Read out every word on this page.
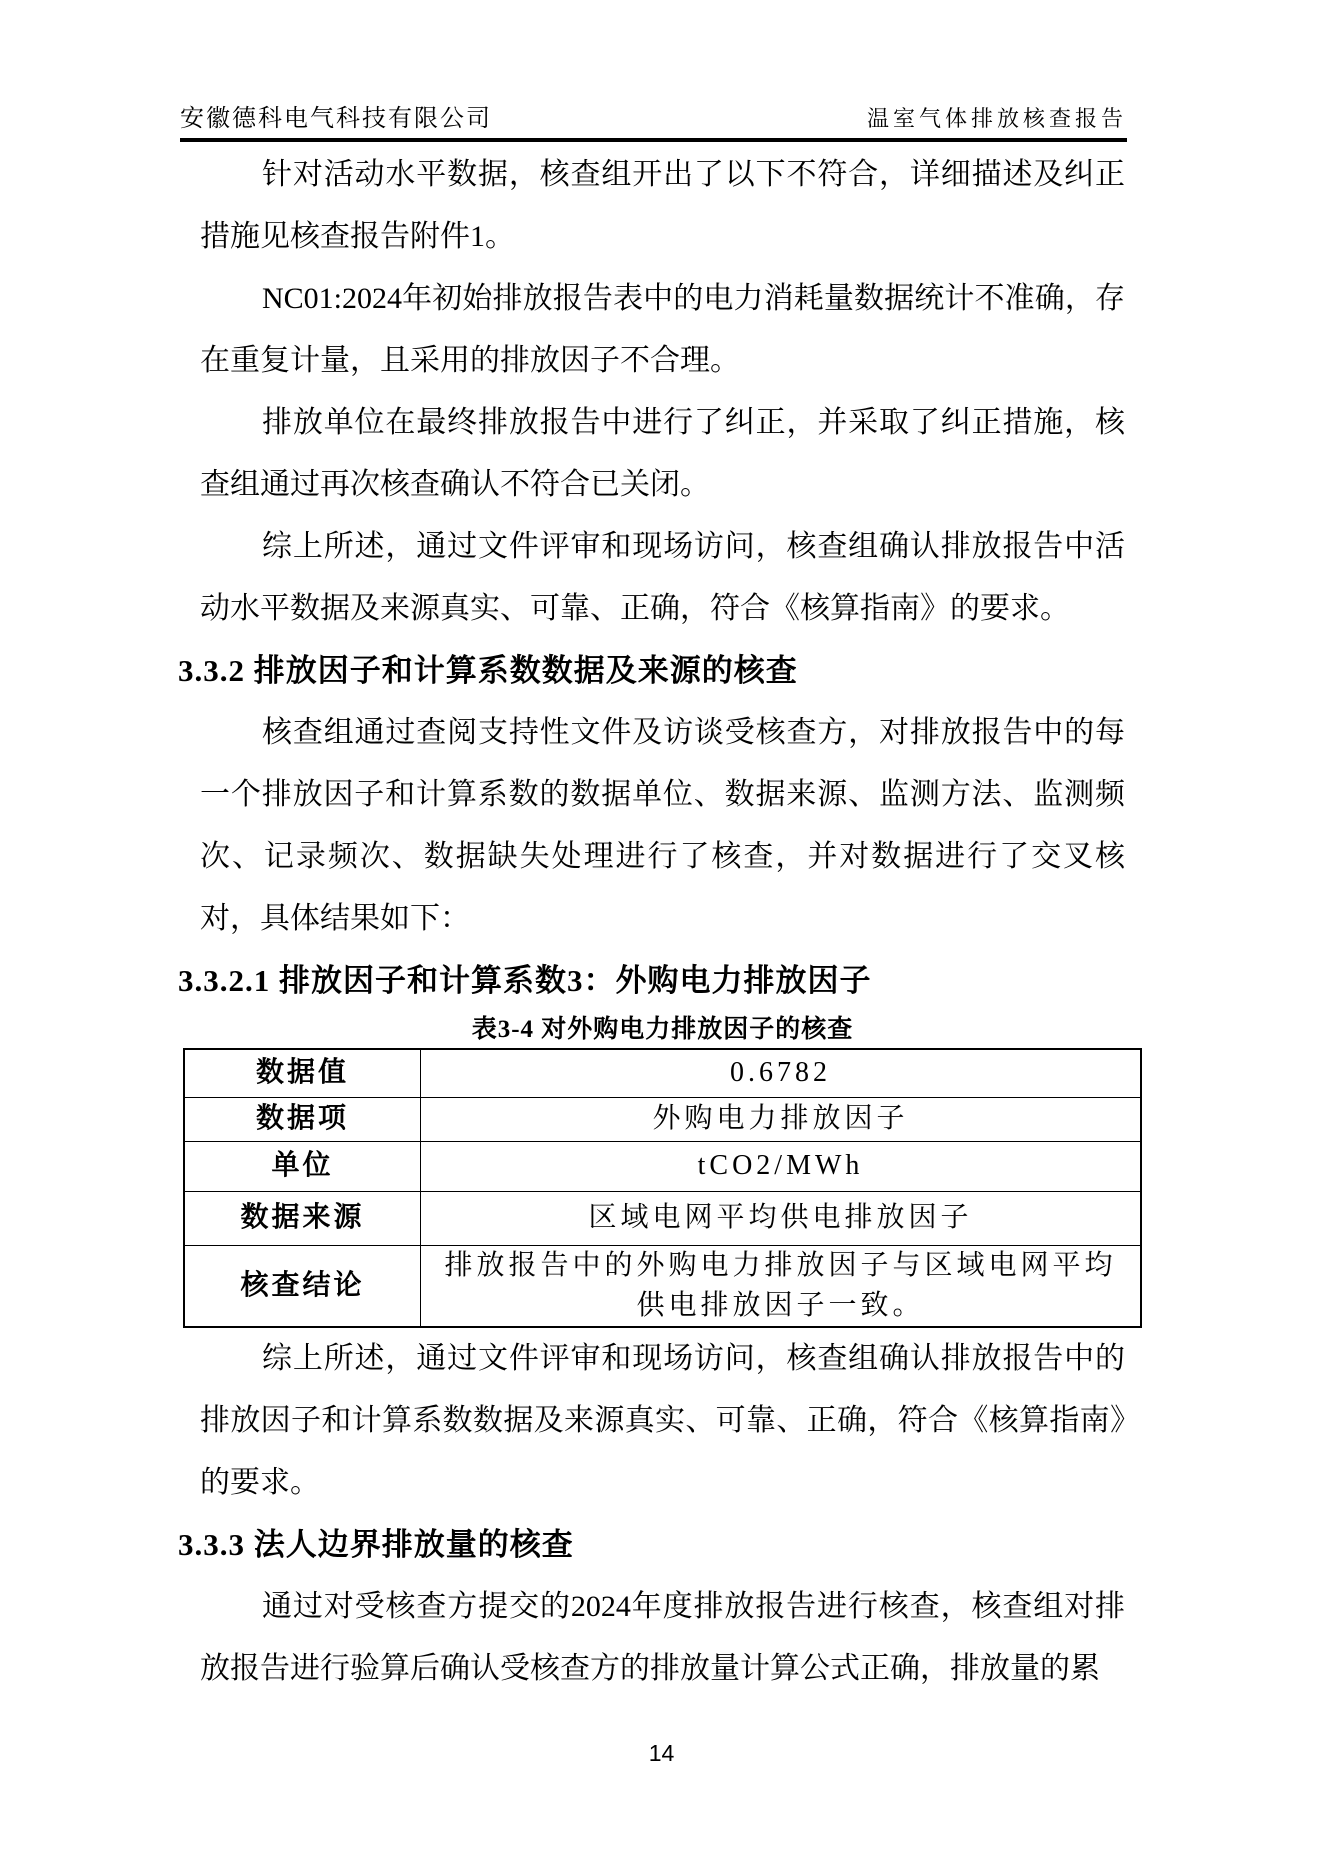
安徽德科电气科技有限公司	温室气体排放核查报告

针对活动水平数据，核查组开出了以下不符合，详细描述及纠正措施见核查报告附件1。

NC01:2024年初始排放报告表中的电力消耗量数据统计不准确，存在重复计量，且采用的排放因子不合理。

排放单位在最终排放报告中进行了纠正，并采取了纠正措施，核查组通过再次核查确认不符合已关闭。

综上所述，通过文件评审和现场访问，核查组确认排放报告中活动水平数据及来源真实、可靠、正确，符合《核算指南》的要求。

3.3.2 排放因子和计算系数数据及来源的核查

核查组通过查阅支持性文件及访谈受核查方，对排放报告中的每一个排放因子和计算系数的数据单位、数据来源、监测方法、监测频次、记录频次、数据缺失处理进行了核查，并对数据进行了交叉核对，具体结果如下：

3.3.2.1 排放因子和计算系数3：外购电力排放因子
表3-4 对外购电力排放因子的核查
数据值	0.6782
数据项	外购电力排放因子
单位	tCO2/MWh
数据来源	区域电网平均供电排放因子
核查结论	排放报告中的外购电力排放因子与区域电网平均供电排放因子一致。

综上所述，通过文件评审和现场访问，核查组确认排放报告中的排放因子和计算系数数据及来源真实、可靠、正确，符合《核算指南》的要求。

3.3.3 法人边界排放量的核查

通过对受核查方提交的2024年度排放报告进行核查，核查组对排放报告进行验算后确认受核查方的排放量计算公式正确，排放量的累

14
